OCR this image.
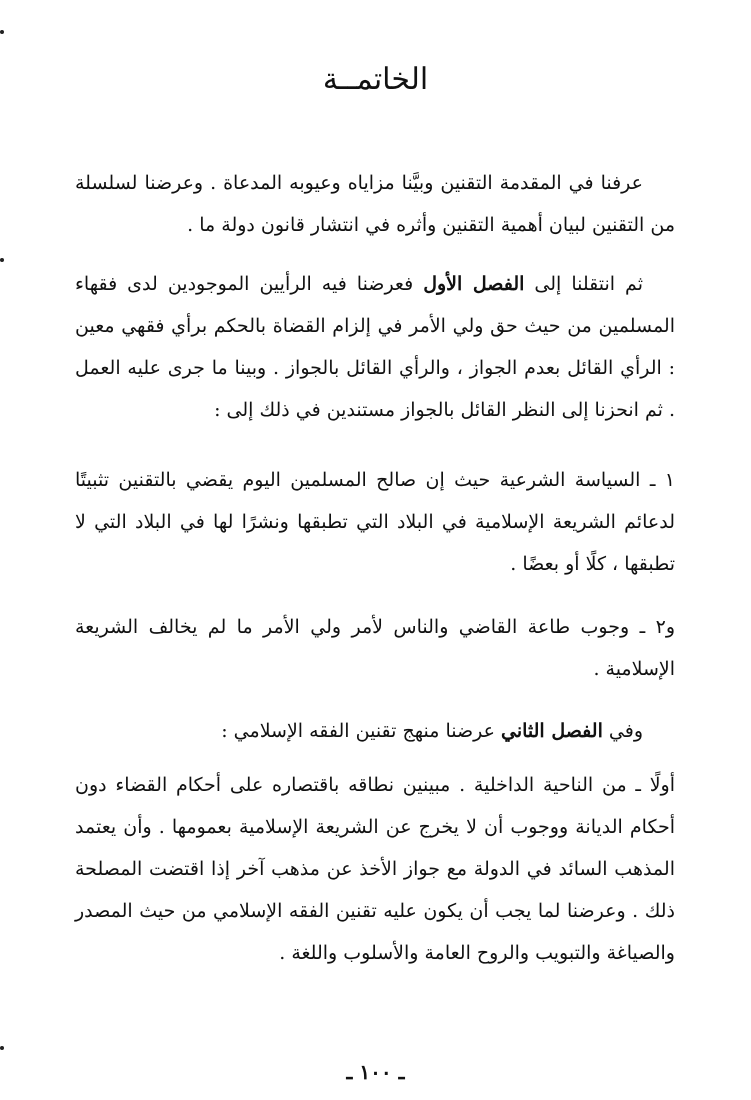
الخاتمــة

عرفنا في المقدمة التقنين وبيَّنا مزاياه وعيوبه المدعاة . وعرضنا لسلسلة من التقنين لبيان أهمية التقنين وأثره في انتشار قانون دولة ما .

ثم انتقلنا إلى الفصل الأول فعرضنا فيه الرأيين الموجودين لدى فقهاء المسلمين من حيث حق ولي الأمر في إلزام القضاة بالحكم برأي فقهي معين : الرأي القائل بعدم الجواز ، والرأي القائل بالجواز . وبينا ما جرى عليه العمل . ثم انحزنا إلى النظر القائل بالجواز مستندين في ذلك إلى :

١ ـ السياسة الشرعية حيث إن صالح المسلمين اليوم يقضي بالتقنين تثبيتًا لدعائم الشريعة الإسلامية في البلاد التي تطبقها ونشرًا لها في البلاد التي لا تطبقها ، كلًا أو بعضًا .

و٢ ـ وجوب طاعة القاضي والناس لأمر ولي الأمر ما لم يخالف الشريعة الإسلامية .

وفي الفصل الثاني عرضنا منهج تقنين الفقه الإسلامي :

أولًا ـ من الناحية الداخلية . مبينين نطاقه باقتصاره على أحكام القضاء دون أحكام الديانة ووجوب أن لا يخرج عن الشريعة الإسلامية بعمومها . وأن يعتمد المذهب السائد في الدولة مع جواز الأخذ عن مذهب آخر إذا اقتضت المصلحة ذلك . وعرضنا لما يجب أن يكون عليه تقنين الفقه الإسلامي من حيث المصدر والصياغة والتبويب والروح العامة والأسلوب واللغة .

ـ ١٠٠ ـ
